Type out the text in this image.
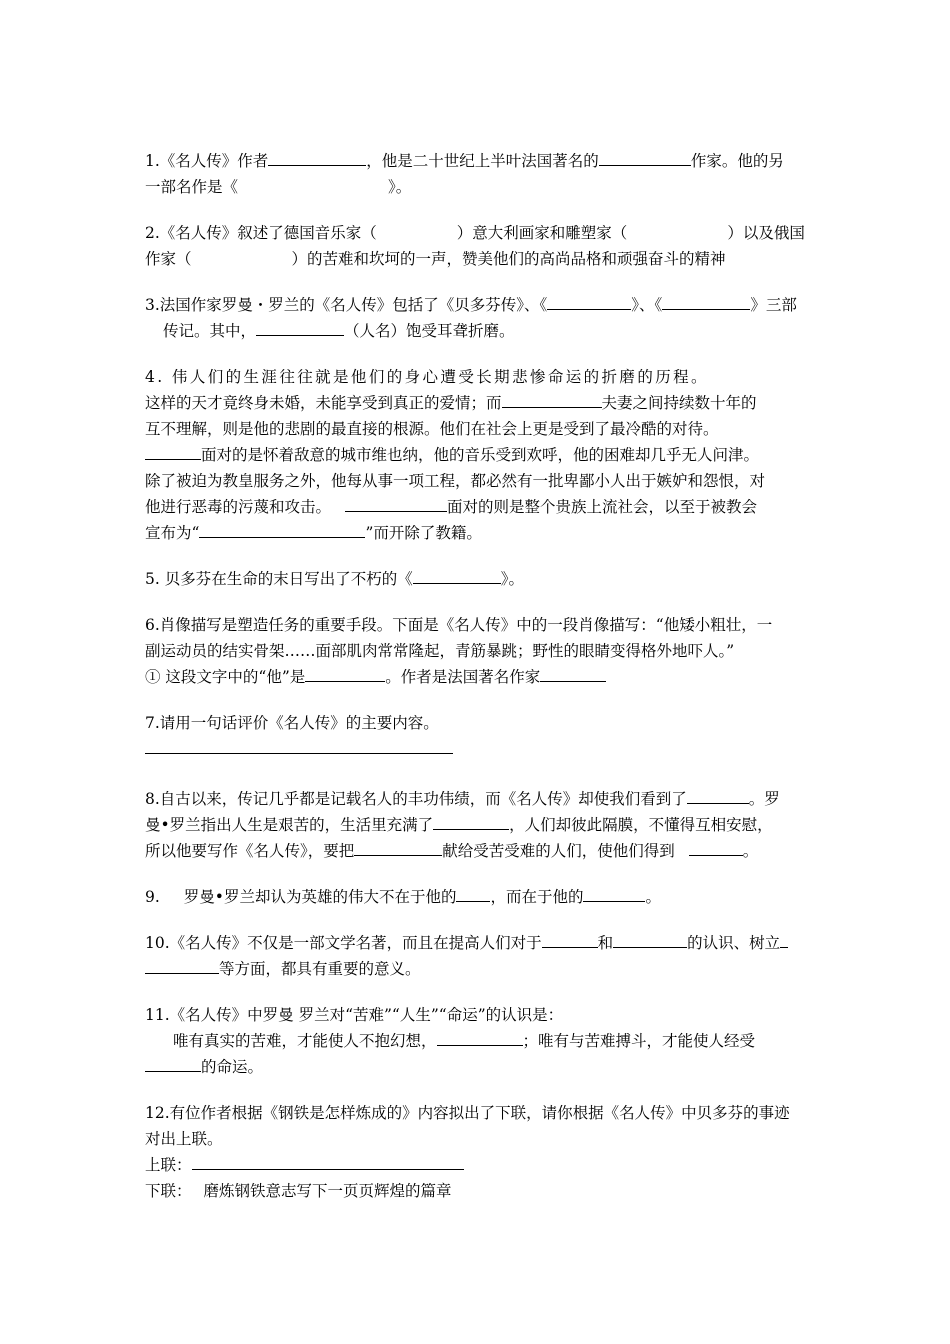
1.《名人传》作者	，他是二十世纪上半叶法国著名的	作家。他的另
一部名作是《	》。
2.《名人传》叙述了德国音乐家（	）意大利画家和雕塑家（	）以及俄国
作家（	）的苦难和坎坷的一声，赞美他们的高尚品格和顽强奋斗的精神
3.法国作家罗曼・罗兰的《名人传》包括了《贝多芬传》、《	》、《	》三部
传记。其中，	（人名）饱受耳聋折磨。
4. 伟人们的生涯往往就是他们的身心遭受长期悲惨命运的折磨的历程。
这样的天才竟终身未婚，未能享受到真正的爱情；而	夫妻之间持续数十年的
互不理解，则是他的悲剧的最直接的根源。他们在社会上更是受到了最冷酷的对待。
面对的是怀着敌意的城市维也纳，他的音乐受到欢呼，他的困难却几乎无人问津。
除了被迫为教皇服务之外，他每从事一项工程，都必然有一批卑鄙小人出于嫉妒和怨恨，对
他进行恶毒的污蔑和攻击。	面对的则是整个贵族上流社会，以至于被教会
宣布为“	”而开除了教籍。
5. 贝多芬在生命的末日写出了不朽的《	》。
6.肖像描写是塑造任务的重要手段。下面是《名人传》中的一段肖像描写：“他矮小粗壮，一
副运动员的结实骨架……面部肌肉常常隆起，青筋暴跳；野性的眼睛变得格外地吓人。”
① 这段文字中的“他”是	。作者是法国著名作家
7.请用一句话评价《名人传》的主要内容。
8.自古以来，传记几乎都是记载名人的丰功伟绩，而《名人传》却使我们看到了	。罗
曼•罗兰指出人生是艰苦的，生活里充满了	，人们却彼此隔膜，不懂得互相安慰，
所以他要写作《名人传》，要把	献给受苦受难的人们，使他们得到	。
9. 罗曼•罗兰却认为英雄的伟大不在于他的 ，而在于他的	。
10.《名人传》不仅是一部文学名著，而且在提高人们对于	和	的认识、树立
等方面，都具有重要的意义。
11.《名人传》中罗曼 罗兰对“苦难”“人生”“命运”的认识是：
唯有真实的苦难，才能使人不抱幻想，	；唯有与苦难搏斗，才能使人经受
的命运。
12.有位作者根据《钢铁是怎样炼成的》内容拟出了下联，请你根据《名人传》中贝多芬的事迹
对出上联。
上联：
下联： 磨炼钢铁意志写下一页页辉煌的篇章
